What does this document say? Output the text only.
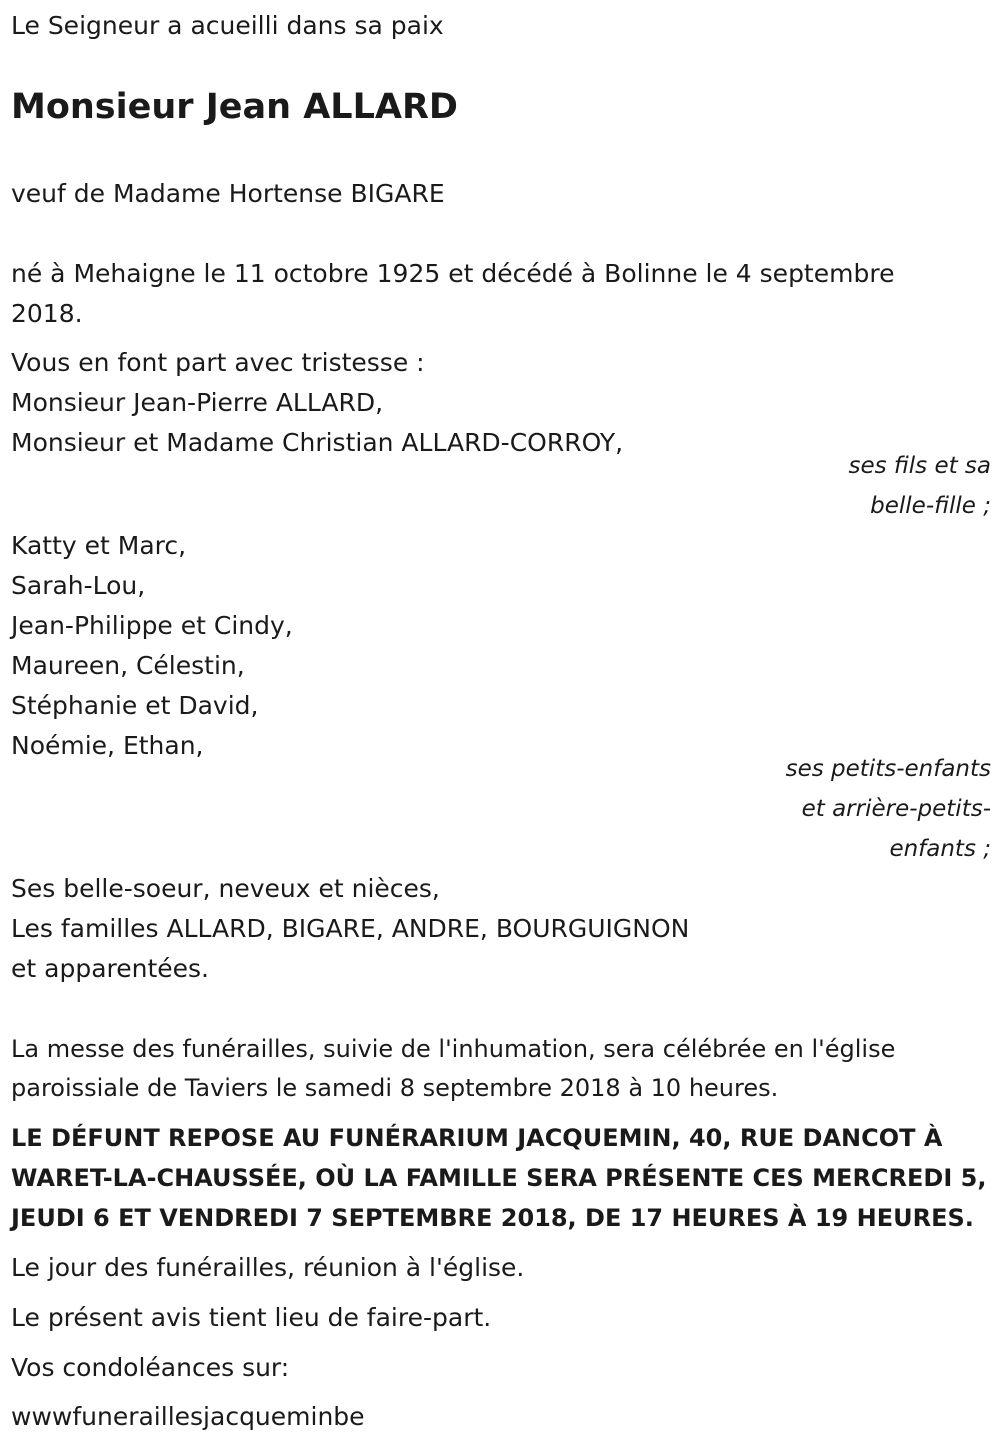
Le Seigneur a acueilli dans sa paix
Monsieur Jean ALLARD
veuf de Madame Hortense BIGARE
né à Mehaigne le 11 octobre 1925 et décédé à Bolinne le 4 septembre
2018.
Vous en font part avec tristesse :
Monsieur Jean-Pierre ALLARD,
Monsieur et Madame Christian ALLARD-CORROY,
ses fils et sa
belle-fille ;
Katty et Marc,
Sarah-Lou,
Jean-Philippe et Cindy,
Maureen, Célestin,
Stéphanie et David,
Noémie, Ethan,
ses petits-enfants
et arrière-petits-
enfants ;
Ses belle-soeur, neveux et nièces,
Les familles ALLARD, BIGARE, ANDRE, BOURGUIGNON
et apparentées.
La messe des funérailles, suivie de l'inhumation, sera célébrée en l'église
paroissiale de Taviers le samedi 8 septembre 2018 à 10 heures.
LE DÉFUNT REPOSE AU FUNÉRARIUM JACQUEMIN, 40, RUE DANCOT À
WARET-LA-CHAUSSÉE, OÙ LA FAMILLE SERA PRÉSENTE CES MERCREDI 5,
JEUDI 6 ET VENDREDI 7 SEPTEMBRE 2018, DE 17 HEURES À 19 HEURES.
Le jour des funérailles, réunion à l'église.
Le présent avis tient lieu de faire-part.
Vos condoléances sur:
wwwfuneraillesjacqueminbe
